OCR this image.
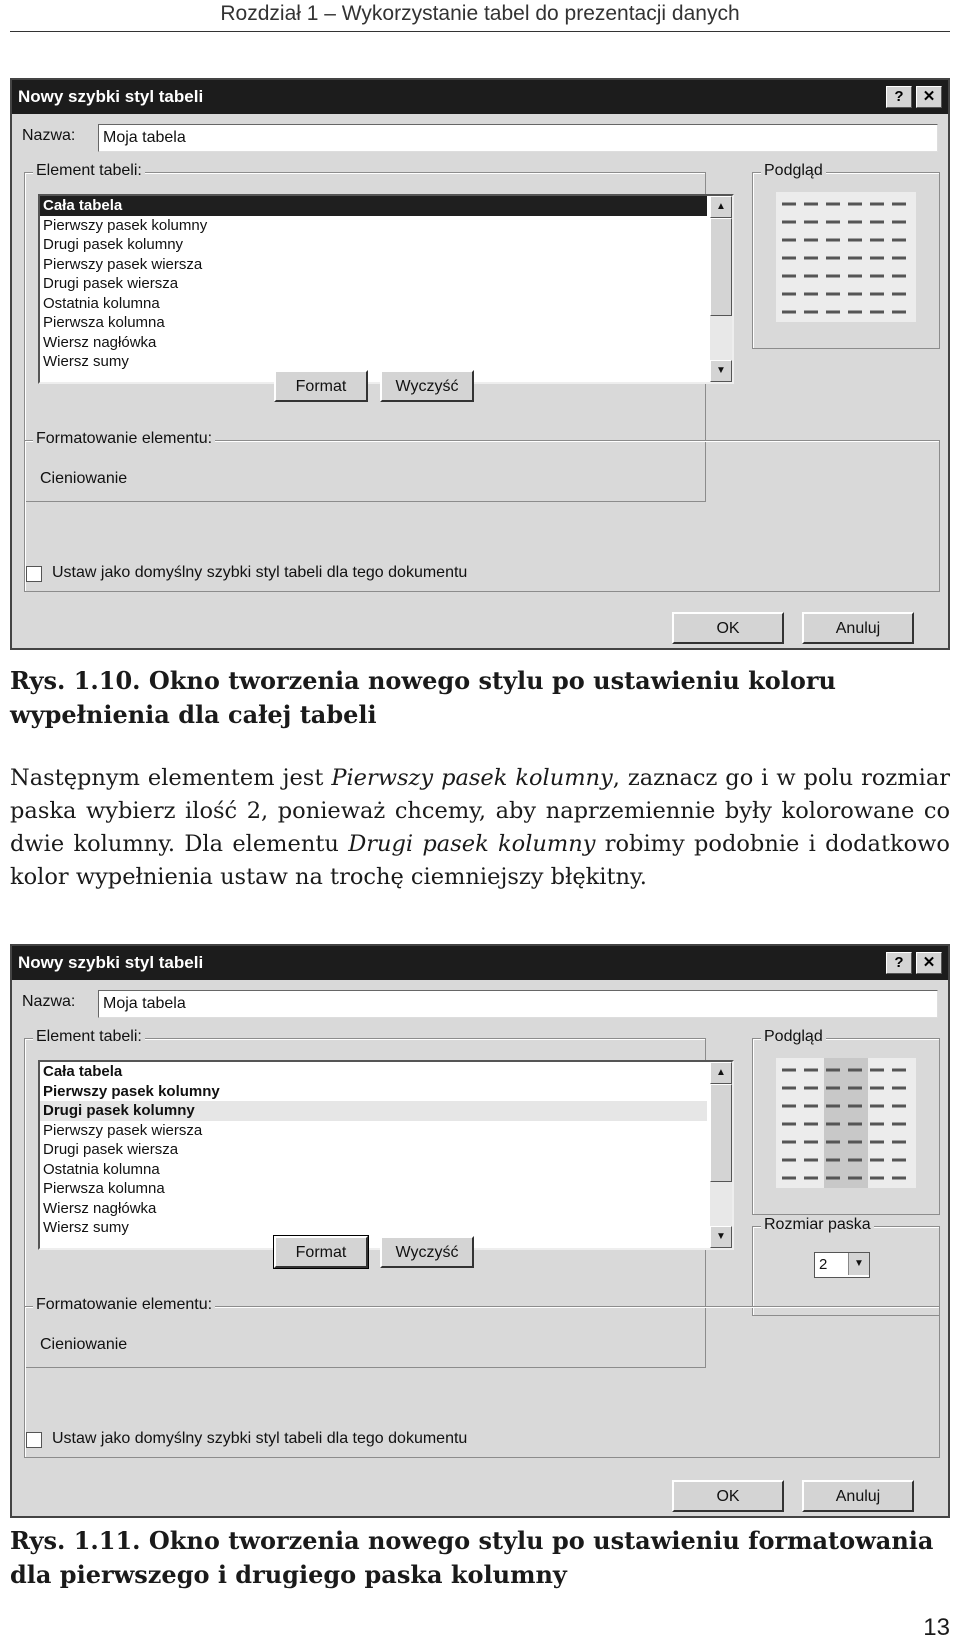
Rozdział 1 – Wykorzystanie tabel do prezentacji danych
Nowy szybki styl tabeli	?	✕
Nazwa:	Moja tabela
Element tabeli:
Cała tabela
Pierwszy pasek kolumny
Drugi pasek kolumny
Pierwszy pasek wiersza
Drugi pasek wiersza
Ostatnia kolumna
Pierwsza kolumna
Wiersz nagłówka
Wiersz sumy
▲
▼
Format	Wyczyść
Podgląd
Formatowanie elementu:
Cieniowanie
Ustaw jako domyślny szybki styl tabeli dla tego dokumentu
OK	Anuluj
Rys. 1.10. Okno tworzenia nowego stylu po ustawieniu koloru wypełnienia dla całej tabeli
Następnym elementem jest Pierwszy pasek kolumny, zaznacz go i w polu rozmiar paska wybierz ilość 2, ponieważ chcemy, aby naprzemiennie były kolorowane co dwie kolumny. Dla elementu Drugi pasek kolumny robimy podobnie i dodatkowo kolor wypełnienia ustaw na trochę ciemniejszy błękitny.
Nowy szybki styl tabeli	?	✕
Nazwa:	Moja tabela
Element tabeli:
Cała tabela
Pierwszy pasek kolumny
Drugi pasek kolumny
Pierwszy pasek wiersza
Drugi pasek wiersza
Ostatnia kolumna
Pierwsza kolumna
Wiersz nagłówka
Wiersz sumy
▲
▼
Format	Wyczyść
Podgląd
Rozmiar paska
2	▼
Formatowanie elementu:
Cieniowanie
Ustaw jako domyślny szybki styl tabeli dla tego dokumentu
OK	Anuluj
Rys. 1.11. Okno tworzenia nowego stylu po ustawieniu formatowania dla pierwszego i drugiego paska kolumny
13
